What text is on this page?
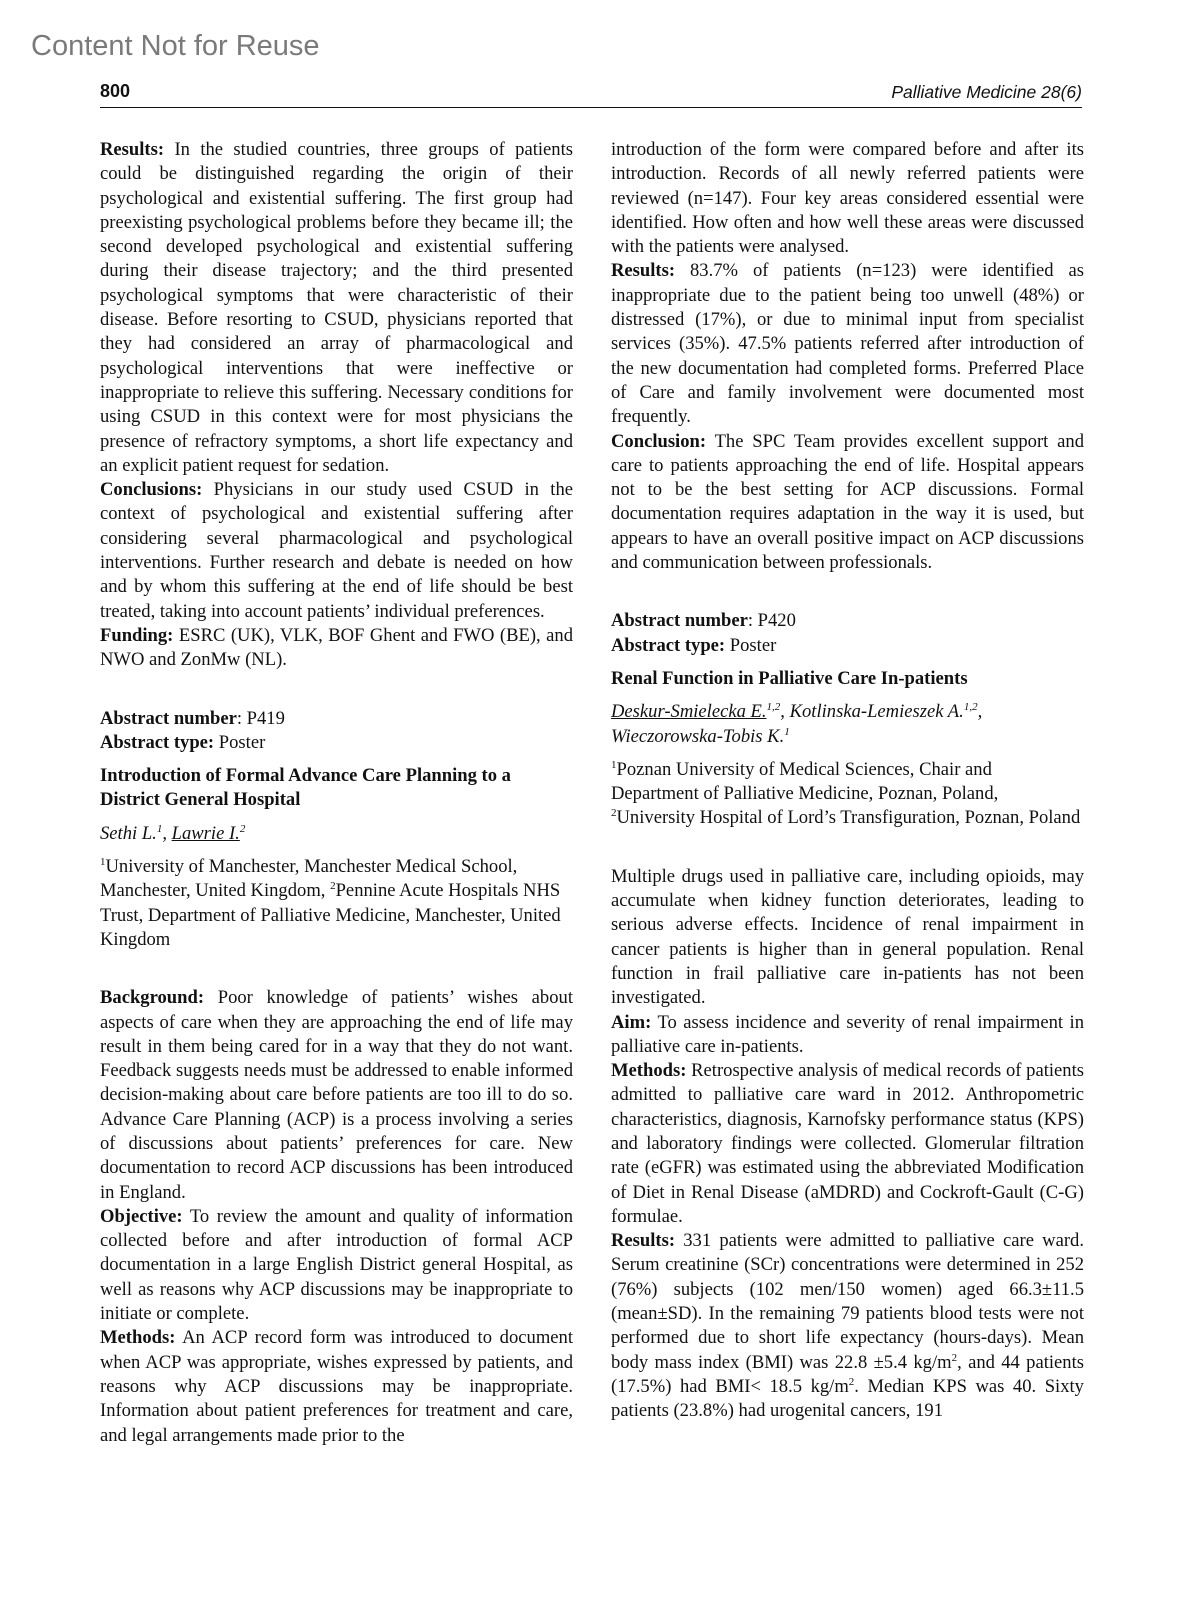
Content Not for Reuse
800	Palliative Medicine 28(6)

Results: In the studied countries, three groups of patients could be distinguished regarding the origin of their psychological and existential suffering. The first group had preexisting psychological problems before they became ill; the second developed psychological and existential suffering during their disease trajectory; and the third presented psychological symptoms that were characteristic of their disease. Before resorting to CSUD, physicians reported that they had considered an array of pharmacological and psychological interventions that were ineffective or inappropriate to relieve this suffering. Necessary conditions for using CSUD in this context were for most physicians the presence of refractory symptoms, a short life expectancy and an explicit patient request for sedation.

Conclusions: Physicians in our study used CSUD in the context of psychological and existential suffering after considering several pharmacological and psychological interventions. Further research and debate is needed on how and by whom this suffering at the end of life should be best treated, taking into account patients’ individual preferences.

Funding: ESRC (UK), VLK, BOF Ghent and FWO (BE), and NWO and ZonMw (NL).

Abstract number: P419

Abstract type: Poster

Introduction of Formal Advance Care Planning to a District General Hospital

Sethi L.$^1$, Lawrie I.$^2$

$^1$University of Manchester, Manchester Medical School, Manchester, United Kingdom, $^2$Pennine Acute Hospitals NHS Trust, Department of Palliative Medicine, Manchester, United Kingdom

Background: Poor knowledge of patients’ wishes about aspects of care when they are approaching the end of life may result in them being cared for in a way that they do not want. Feedback suggests needs must be addressed to enable informed decision-making about care before patients are too ill to do so. Advance Care Planning (ACP) is a process involving a series of discussions about patients’ preferences for care. New documentation to record ACP discussions has been introduced in England.

Objective: To review the amount and quality of information collected before and after introduction of formal ACP documentation in a large English District general Hospital, as well as reasons why ACP discussions may be inappropriate to initiate or complete.

Methods: An ACP record form was introduced to document when ACP was appropriate, wishes expressed by patients, and reasons why ACP discussions may be inappropriate. Information about patient preferences for treatment and care, and legal arrangements made prior to the

introduction of the form were compared before and after its introduction. Records of all newly referred patients were reviewed (n=147). Four key areas considered essential were identified. How often and how well these areas were discussed with the patients were analysed.

Results: 83.7% of patients (n=123) were identified as inappropriate due to the patient being too unwell (48%) or distressed (17%), or due to minimal input from specialist services (35%). 47.5% patients referred after introduction of the new documentation had completed forms. Preferred Place of Care and family involvement were documented most frequently.

Conclusion: The SPC Team provides excellent support and care to patients approaching the end of life. Hospital appears not to be the best setting for ACP discussions. Formal documentation requires adaptation in the way it is used, but appears to have an overall positive impact on ACP discussions and communication between professionals.

Abstract number: P420

Abstract type: Poster

Renal Function in Palliative Care In-patients

Deskur-Smielecka E.$^{1,2}$, Kotlinska-Lemieszek A.$^{1,2}$, Wieczorowska-Tobis K.$^1$

$^1$Poznan University of Medical Sciences, Chair and Department of Palliative Medicine, Poznan, Poland, $^2$University Hospital of Lord’s Transfiguration, Poznan, Poland

Multiple drugs used in palliative care, including opioids, may accumulate when kidney function deteriorates, leading to serious adverse effects. Incidence of renal impairment in cancer patients is higher than in general population. Renal function in frail palliative care in-patients has not been investigated.

Aim: To assess incidence and severity of renal impairment in palliative care in-patients.

Methods: Retrospective analysis of medical records of patients admitted to palliative care ward in 2012. Anthropometric characteristics, diagnosis, Karnofsky performance status (KPS) and laboratory findings were collected. Glomerular filtration rate (eGFR) was estimated using the abbreviated Modification of Diet in Renal Disease (aMDRD) and Cockroft-Gault (C-G) formulae.

Results: 331 patients were admitted to palliative care ward. Serum creatinine (SCr) concentrations were determined in 252 (76%) subjects (102 men/150 women) aged 66.3±11.5 (mean±SD). In the remaining 79 patients blood tests were not performed due to short life expectancy (hours-days). Mean body mass index (BMI) was 22.8 ±5.4 $kg/m^2$, and 44 patients (17.5%) had BMI< 18.5 $kg/m^2$. Median KPS was 40. Sixty patients (23.8%) had urogenital cancers, 191
